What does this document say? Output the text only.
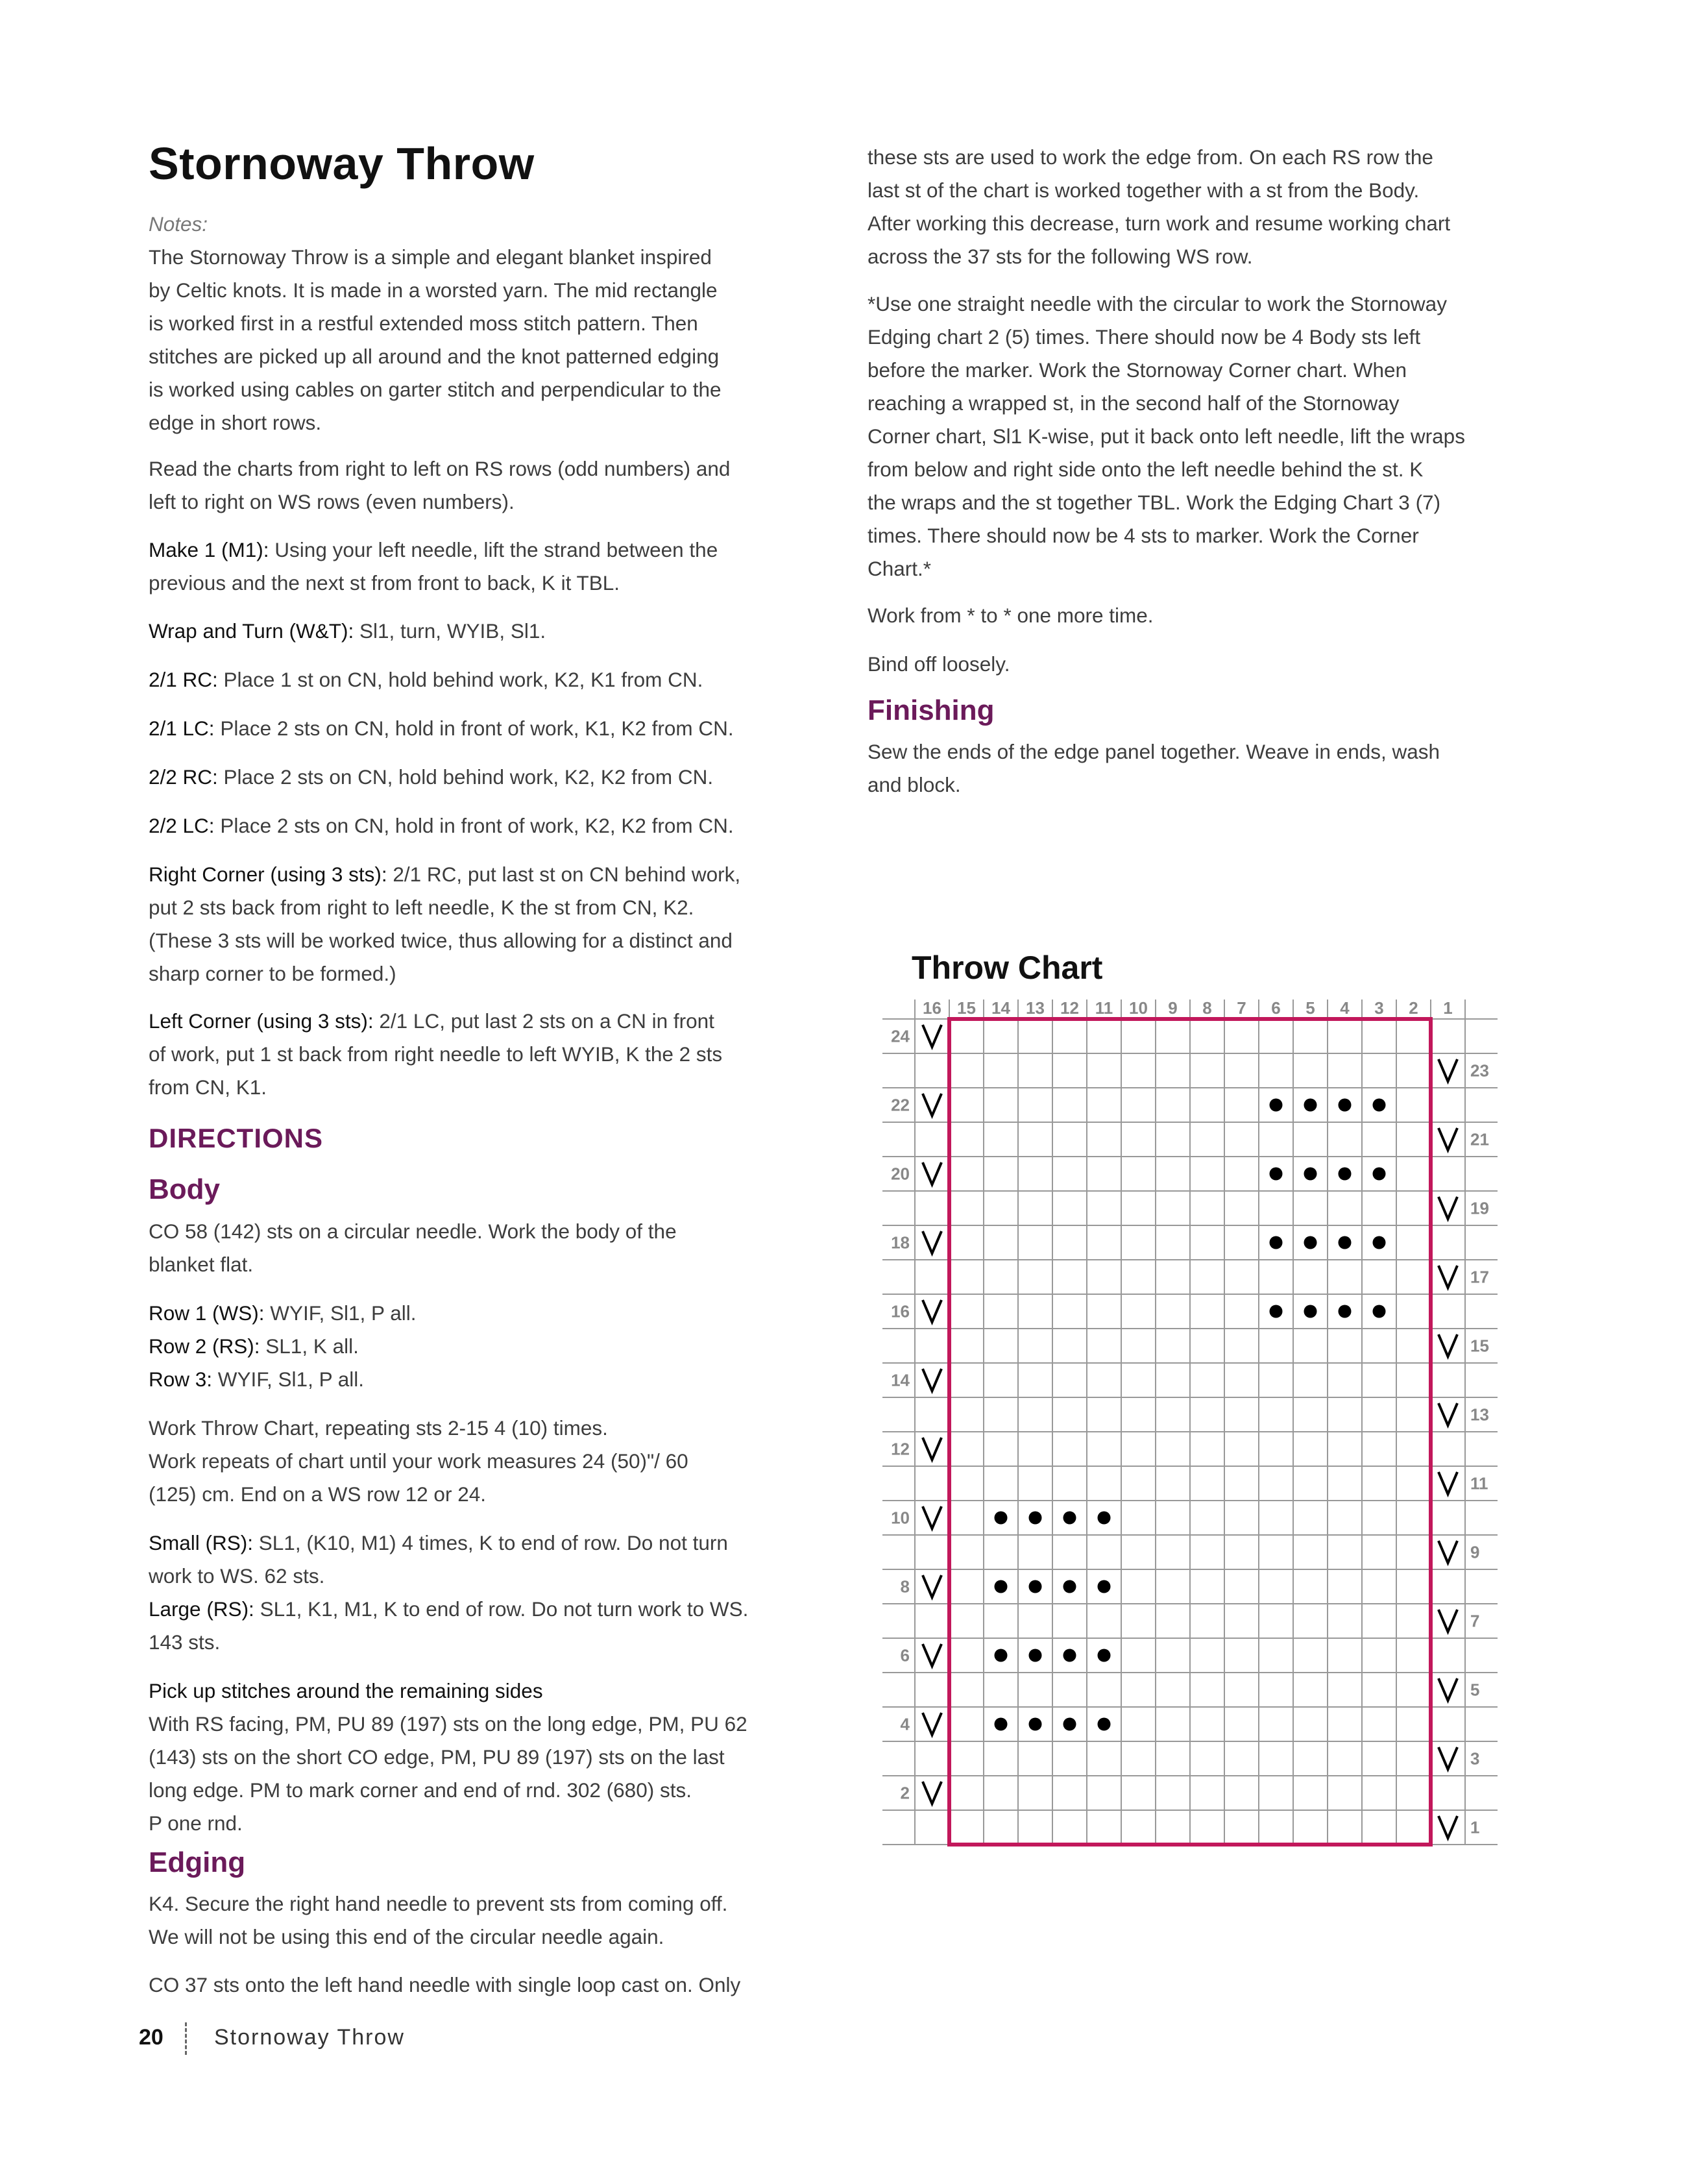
Stornoway Throw

Notes:

The Stornoway Throw is a simple and elegant blanket inspired
by Celtic knots. It is made in a worsted yarn. The mid rectangle
is worked first in a restful extended moss stitch pattern. Then
stitches are picked up all around and the knot patterned edging
is worked using cables on garter stitch and perpendicular to the
edge in short rows.
Read the charts from right to left on RS rows (odd numbers) and
left to right on WS rows (even numbers).
Make 1 (M1): Using your left needle, lift the strand between the
previous and the next st from front to back, K it TBL.
Wrap and Turn (W&T): Sl1, turn, WYIB, Sl1.
2/1 RC: Place 1 st on CN, hold behind work, K2, K1 from CN.
2/1 LC: Place 2 sts on CN, hold in front of work, K1, K2 from CN.
2/2 RC: Place 2 sts on CN, hold behind work, K2, K2 from CN.
2/2 LC: Place 2 sts on CN, hold in front of work, K2, K2 from CN.
Right Corner (using 3 sts): 2/1 RC, put last st on CN behind work,
put 2 sts back from right to left needle, K the st from CN, K2.
(These 3 sts will be worked twice, thus allowing for a distinct and
sharp corner to be formed.)
Left Corner (using 3 sts): 2/1 LC, put last 2 sts on a CN in front
of work, put 1 st back from right needle to left WYIB, K the 2 sts
from CN, K1.
DIRECTIONS
Body
CO 58 (142) sts on a circular needle. Work the body of the
blanket flat.
Row 1 (WS): WYIF, Sl1, P all.
Row 2 (RS): SL1, K all.
Row 3: WYIF, Sl1, P all.
Work Throw Chart, repeating sts 2-15 4 (10) times.
Work repeats of chart until your work measures 24 (50)"/ 60
(125) cm. End on a WS row 12 or 24.
Small (RS): SL1, (K10, M1) 4 times, K to end of row. Do not turn
work to WS. 62 sts.
Large (RS): SL1, K1, M1, K to end of row. Do not turn work to WS.
143 sts.
Pick up stitches around the remaining sides
With RS facing, PM, PU 89 (197) sts on the long edge, PM, PU 62
(143) sts on the short CO edge, PM, PU 89 (197) sts on the last
long edge. PM to mark corner and end of rnd. 302 (680) sts.
P one rnd.
Edging
K4. Secure the right hand needle to prevent sts from coming off.
We will not be using this end of the circular needle again.
CO 37 sts onto the left hand needle with single loop cast on. Only
these sts are used to work the edge from. On each RS row the
last st of the chart is worked together with a st from the Body.
After working this decrease, turn work and resume working chart
across the 37 sts for the following WS row.
*Use one straight needle with the circular to work the Stornoway
Edging chart 2 (5) times. There should now be 4 Body sts left
before the marker. Work the Stornoway Corner chart. When
reaching a wrapped st, in the second half of the Stornoway
Corner chart, Sl1 K-wise, put it back onto left needle, lift the wraps
from below and right side onto the left needle behind the st. K
the wraps and the st together TBL. Work the Edging Chart 3 (7)
times. There should now be 4 sts to marker. Work the Corner
Chart.*
Work from * to * one more time.
Bind off loosely.
Finishing
Sew the ends of the edge panel together. Weave in ends, wash
and block.
Throw Chart
16 15 14 13 12 11 10 9 8 7 6 5 4 3 2 1
24
22
20
18
16
14
12
10
8
6
4
2
23
21
19
17
15
13
11
9
7
5
3
1
20 Stornoway Throw
